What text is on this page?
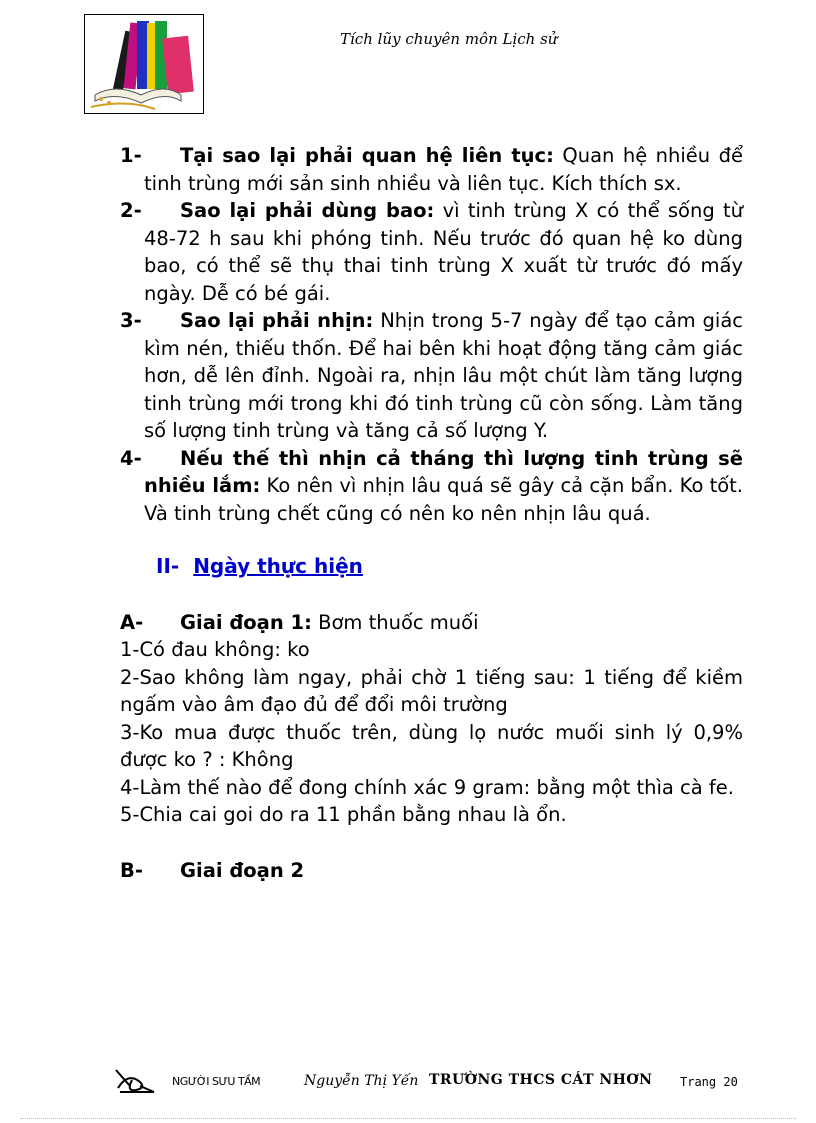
Tích lũy chuyên môn Lịch sử
1-	Tại sao lại phải quan hệ liên tục: Quan hệ nhiều để tinh trùng mới sản sinh nhiều và liên tục. Kích thích sx.

2-	Sao lại phải dùng bao: vì tinh trùng X có thể sống từ 48-72 h sau khi phóng tinh. Nếu trước đó quan hệ ko dùng bao, có thể sẽ thụ thai tinh trùng X xuất từ trước đó mấy ngày. Dễ có bé gái.

3-	Sao lại phải nhịn: Nhịn trong 5-7 ngày để tạo cảm giác kìm nén, thiếu thốn. Để hai bên khi hoạt động tăng cảm giác hơn, dễ lên đỉnh. Ngoài ra, nhịn lâu một chút làm tăng lượng tinh trùng mới trong khi đó tinh trùng cũ còn sống. Làm tăng số lượng tinh trùng và tăng cả số lượng Y.

4-	Nếu thế thì nhịn cả tháng thì lượng tinh trùng sẽ nhiều lắm: Ko nên vì nhịn lâu quá sẽ gây cả cặn bẩn. Ko tốt. Và tinh trùng chết cũng có nên ko nên nhịn lâu quá.

II- Ngày thực hiện
A-	Giai đoạn 1: Bơm thuốc muối

1-Có đau không: ko

2-Sao không làm ngay, phải chờ 1 tiếng sau: 1 tiếng để kiềm ngấm vào âm đạo đủ để đổi môi trường

3-Ko mua được thuốc trên, dùng lọ nước muối sinh lý 0,9% được ko ? : Không

4-Làm thế nào để đong chính xác 9 gram: bằng một thìa cà fe.

5-Chia cai goi do ra 11 phần bằng nhau là ổn.

B-	Giai đoạn 2
NGƯỜI SƯU TẦM	Nguyễn Thị Yến TRƯỜNG THCS CÁT NHƠN Trang 20
